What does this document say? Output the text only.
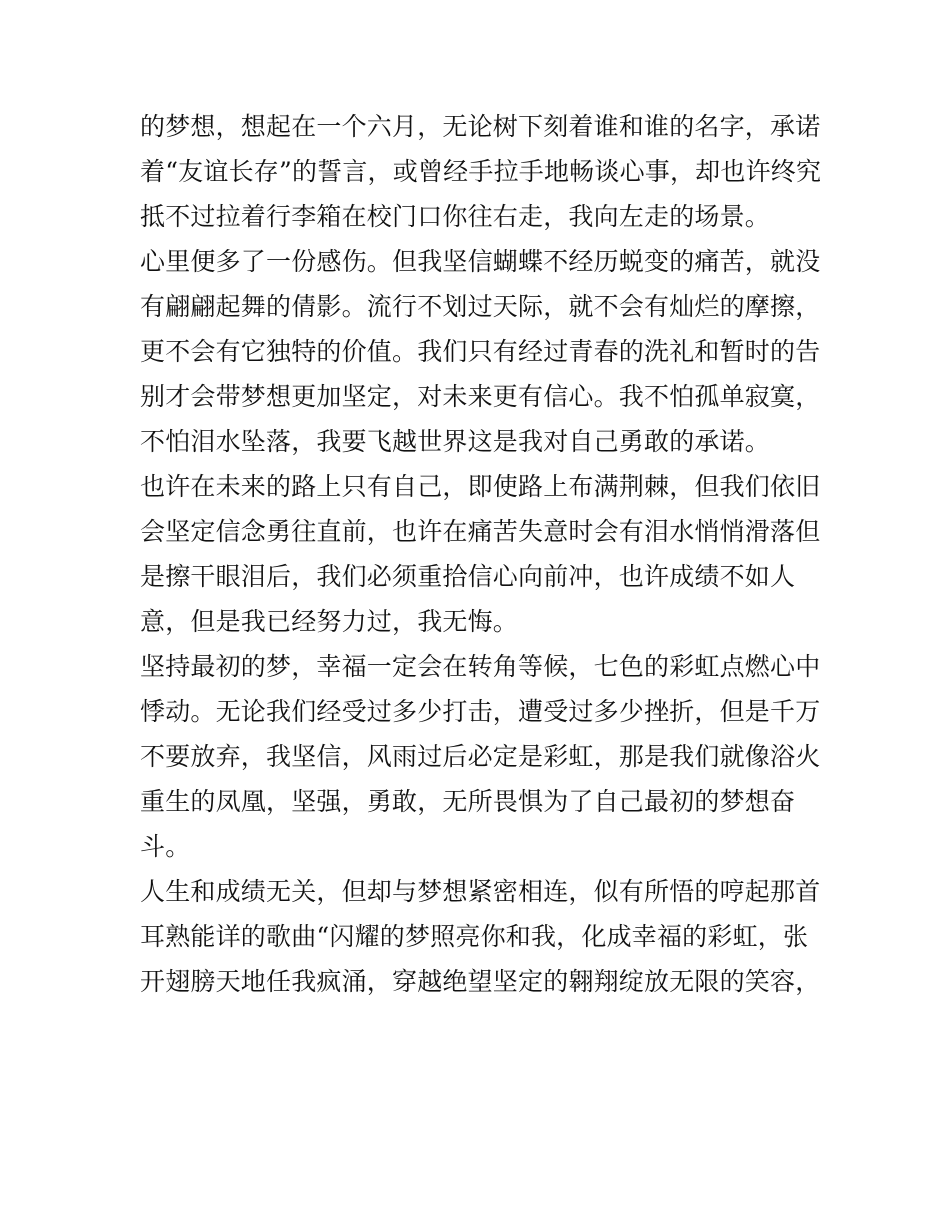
的梦想，想起在一个六月，无论树下刻着谁和谁的名字，承诺
着“友谊长存”的誓言，或曾经手拉手地畅谈心事，却也许终究
抵不过拉着行李箱在校门口你往右走，我向左走的场景。
心里便多了一份感伤。但我坚信蝴蝶不经历蜕变的痛苦，就没
有翩翩起舞的倩影。流行不划过天际，就不会有灿烂的摩擦，
更不会有它独特的价值。我们只有经过青春的洗礼和暂时的告
别才会带梦想更加坚定，对未来更有信心。我不怕孤单寂寞，
不怕泪水坠落，我要飞越世界这是我对自己勇敢的承诺。
也许在未来的路上只有自己，即使路上布满荆棘，但我们依旧
会坚定信念勇往直前，也许在痛苦失意时会有泪水悄悄滑落但
是擦干眼泪后，我们必须重拾信心向前冲，也许成绩不如人
意，但是我已经努力过，我无悔。
坚持最初的梦，幸福一定会在转角等候，七色的彩虹点燃心中
悸动。无论我们经受过多少打击，遭受过多少挫折，但是千万
不要放弃，我坚信，风雨过后必定是彩虹，那是我们就像浴火
重生的凤凰，坚强，勇敢，无所畏惧为了自己最初的梦想奋
斗。
人生和成绩无关，但却与梦想紧密相连，似有所悟的哼起那首
耳熟能详的歌曲“闪耀的梦照亮你和我，化成幸福的彩虹，张
开翅膀天地任我疯涌，穿越绝望坚定的翱翔绽放无限的笑容，
